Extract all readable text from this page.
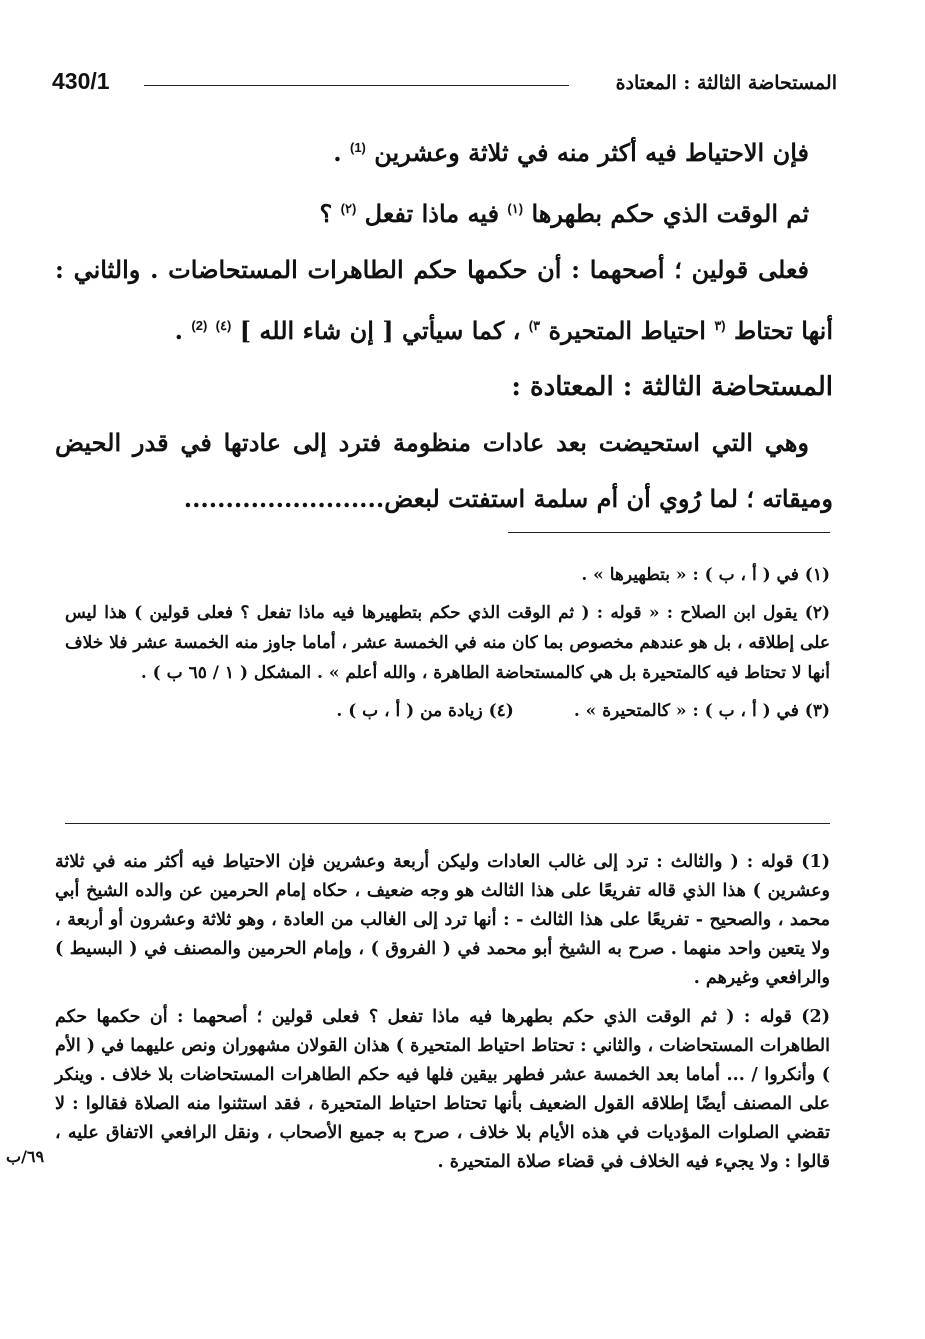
المستحاضة الثالثة : المعتادة
430/1

فإن الاحتياط فيه أكثر منه في ثلاثة وعشرين $^{(1)}$ .

ثم الوقت الذي حكم بطهرها $^{(١)}$ فيه ماذا تفعل $^{(٢)}$ ؟

فعلى قولين ؛ أصحهما : أن حكمها حكم الطاهرات المستحاضات . والثاني : أنها تحتاط $^{(٣}$ احتياط المتحيرة $^{٣)}$ ، كما سيأتي [ إن شاء الله ] $^{(٤)}$ $^{(2)}$ .

المستحاضة الثالثة : المعتادة :

وهي التي استحيضت بعد عادات منظومة فترد إلى عادتها في قدر الحيض وميقاته ؛ لما رُوي أن أم سلمة استفتت لبعض........................

(١) في ( أ ، ب ) : « بتطهيرها » .

(٢) يقول ابن الصلاح : « قوله : ( ثم الوقت الذي حكم بتطهيرها فيه ماذا تفعل ؟ فعلى قولين ) هذا ليس على إطلاقه ، بل هو عندهم مخصوص بما كان منه في الخمسة عشر ، أماما جاوز منه الخمسة عشر فلا خلاف أنها لا تحتاط فيه كالمتحيرة بل هي كالمستحاضة الطاهرة ، والله أعلم » . المشكل ( ١ / ٦٥ ب ) .

(٣) في ( أ ، ب ) : « كالمتحيرة » .
(٤) زيادة من ( أ ، ب ) .

(1) قوله : ( والثالث : ترد إلى غالب العادات وليكن أربعة وعشرين فإن الاحتياط فيه أكثر منه في ثلاثة وعشرين ) هذا الذي قاله تفريعًا على هذا الثالث هو وجه ضعيف ، حكاه إمام الحرمين عن والده الشيخ أبي محمد ، والصحيح - تفريعًا على هذا الثالث - : أنها ترد إلى الغالب من العادة ، وهو ثلاثة وعشرون أو أربعة ، ولا يتعين واحد منهما . صرح به الشيخ أبو محمد في ( الفروق ) ، وإمام الحرمين والمصنف في ( البسيط ) والرافعي وغيرهم .

(2) قوله : ( ثم الوقت الذي حكم بطهرها فيه ماذا تفعل ؟ فعلى قولين ؛ أصحهما : أن حكمها حكم الطاهرات المستحاضات ، والثاني : تحتاط احتياط المتحيرة ) هذان القولان مشهوران ونص عليهما في ( الأم ) وأنكروا / ... أماما بعد الخمسة عشر فطهر بيقين فلها فيه حكم الطاهرات المستحاضات بلا خلاف . وينكر على المصنف أيضًا إطلاقه القول الضعيف بأنها تحتاط احتياط المتحيرة ، فقد استثنوا منه الصلاة فقالوا : لا تقضي الصلوات المؤديات في هذه الأيام بلا خلاف ، صرح به جميع الأصحاب ، ونقل الرافعي الاتفاق عليه ، قالوا : ولا يجيء فيه الخلاف في قضاء صلاة المتحيرة .

٦٩/ب
